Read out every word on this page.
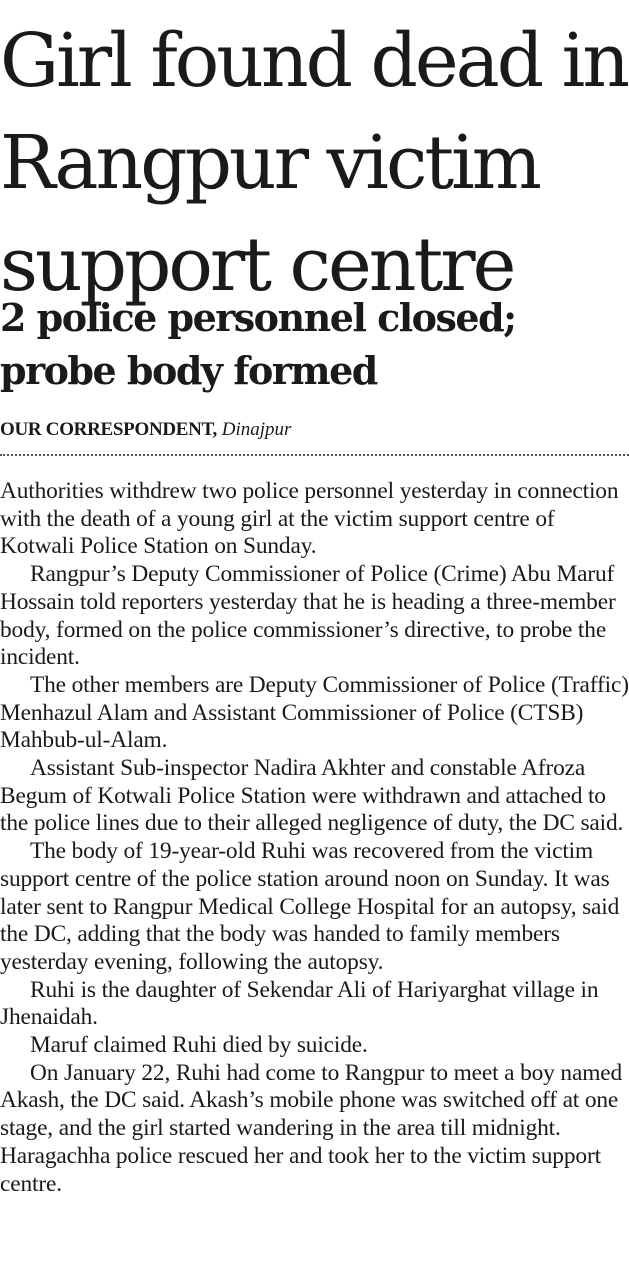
Girl found dead in
Rangpur victim
support centre
2 police personnel closed;
probe body formed
OUR CORRESPONDENT, Dinajpur

Authorities withdrew two police personnel yesterday in connection with the death of a young girl at the victim support centre of Kotwali Police Station on Sunday.

Rangpur’s Deputy Commissioner of Police (Crime) Abu Maruf Hossain told reporters yesterday that he is heading a three-member body, formed on the police commissioner’s directive, to probe the incident.

The other members are Deputy Commissioner of Police (Traffic) Menhazul Alam and Assistant Commissioner of Police (CTSB) Mahbub-ul-Alam.

Assistant Sub-inspector Nadira Akhter and constable Afroza Begum of Kotwali Police Station were withdrawn and attached to the police lines due to their alleged negligence of duty, the DC said.

The body of 19-year-old Ruhi was recovered from the victim support centre of the police station around noon on Sunday. It was later sent to Rangpur Medical College Hospital for an autopsy, said the DC, adding that the body was handed to family members yesterday evening, following the autopsy.

Ruhi is the daughter of Sekendar Ali of Hariyarghat village in Jhenaidah.

Maruf claimed Ruhi died by suicide.

On January 22, Ruhi had come to Rangpur to meet a boy named Akash, the DC said. Akash’s mobile phone was switched off at one stage, and the girl started wandering in the area till midnight. Haragachha police rescued her and took her to the victim support centre.
